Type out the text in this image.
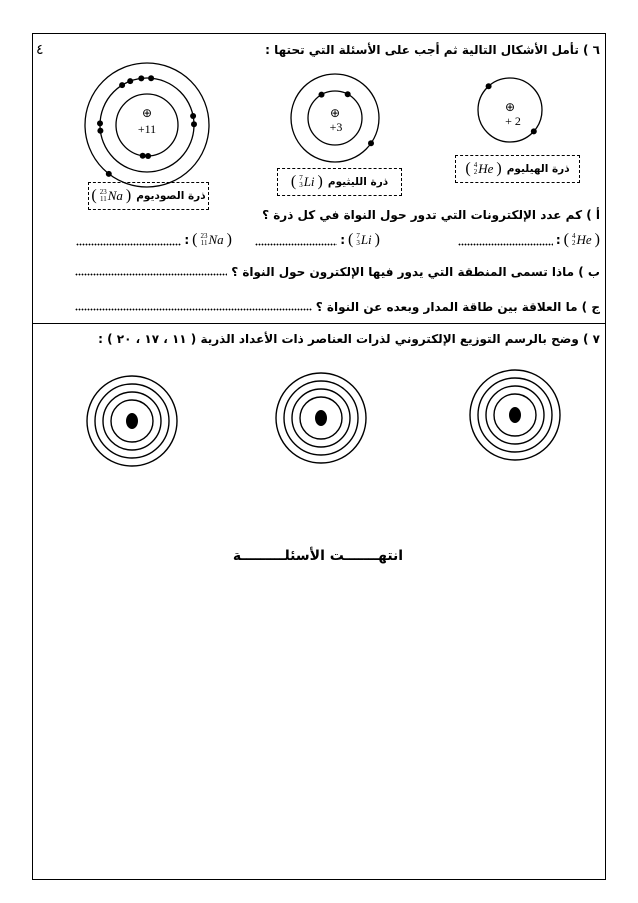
⊕
+11
⊕
+3
⊕
+ 2
٤	٦ ) تأمل الأشكال التالية ثم أجب على الأسئلة التي تحتها :
ذرة الصوديوم
( 23
11 Na )
ذرة الليثيوم
( 7
3 Li )
ذرة الهيليوم
( 4
2 He )
أ ) كم عدد الإلكترونات التي تدور حول النواة في كل ذرة ؟
: ( 4
2 He )
: ( 7
3 Li )
: ( 23
11 Na )
ب ) ماذا تسمى المنطقة التي يدور فيها الإلكترون حول النواة ؟
ج ) ما العلاقة بين طاقة المدار وبعده عن النواة ؟
٧ ) وضح بالرسم التوزيع الإلكتروني لذرات العناصر ذات الأعداد الذرية ( ١١ ، ١٧ ، ٢٠ ) :
انتهـــــــت الأسئلـــــــــة
